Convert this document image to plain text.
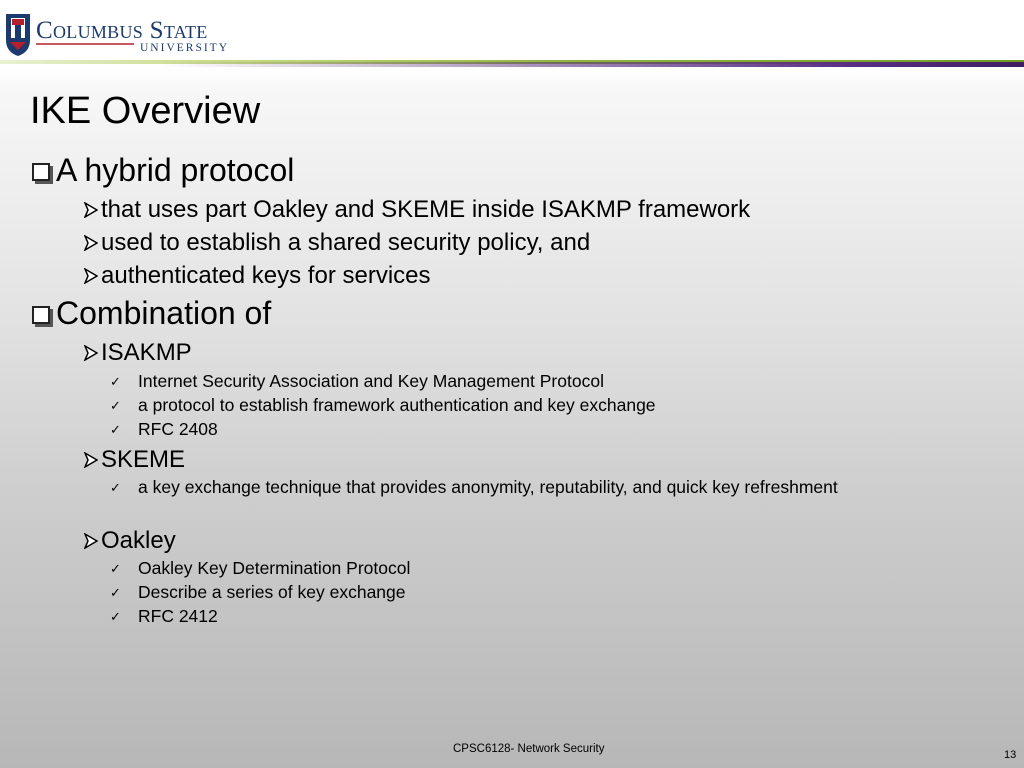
Columbus State
UNIVERSITY
IKE Overview
A hybrid protocol
that uses part Oakley and SKEME inside ISAKMP framework
used to establish a shared security policy, and
authenticated keys for services
Combination of
ISAKMP
✓ Internet Security Association and Key Management Protocol
✓ a protocol to establish framework authentication and key exchange
✓ RFC 2408
SKEME
✓ a key exchange technique that provides anonymity, reputability, and quick key refreshment
Oakley
✓ Oakley Key Determination Protocol
✓ Describe a series of key exchange
✓ RFC 2412
CPSC6128- Network Security	13
